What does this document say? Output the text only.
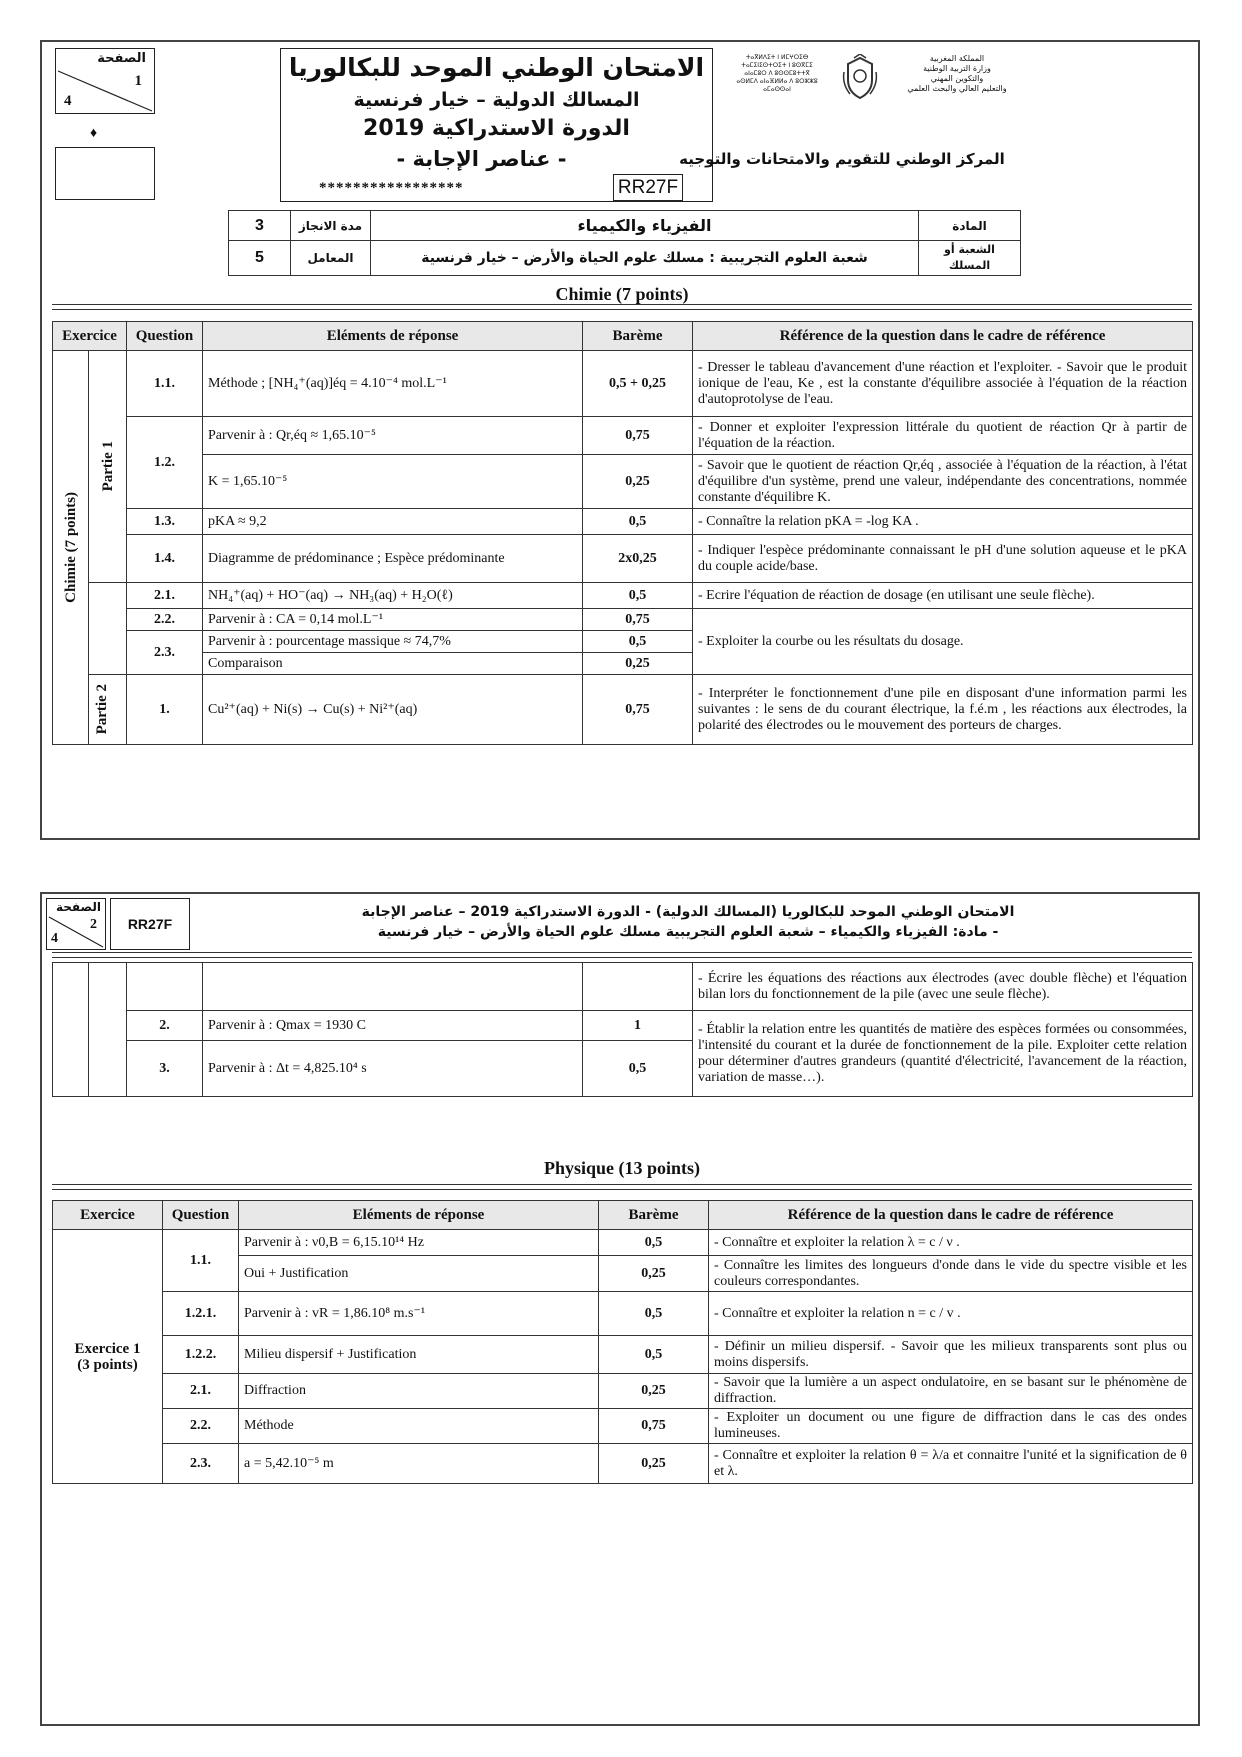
الصفحة
1
4
♦
الامتحان الوطني الموحد للبكالوريا
المسالك الدولية – خيار فرنسية
الدورة الاستدراكية 2019
- عناصر الإجابة -
*****************	RR27F
ⵜⴰⴳⵍⴷⵉⵜ ⵏ ⵍⵎⵖⵔⵉⴱ
ⵜⴰⵎⵉⵏⵉⵙⵜⵔⵉⵜ ⵏ ⵓⵙⴳⵎⵉ
ⴰⵏⴰⵎⵓⵔ ⴷ ⵓⵙⵙⵎⵓⵜⵜⴳ
ⴰⵙⵍⵎⴷ ⴰⵏⴰⴼⵍⵍⴰ ⴷ ⵓⵔⵣⵣⵓ ⴰⵎⴰⵙⵙⴰⵏ
المملكة المغربية
وزارة التربية الوطنية
والتكوين المهني
والتعليم العالي والبحث العلمي
المركز الوطني للتقويم والامتحانات والتوجيه
3	مدة الانجاز	الفيزياء والكيمياء	المادة
5	المعامل	شعبة العلوم التجريبية : مسلك علوم الحياة والأرض – خيار فرنسية	الشعبة أو المسلك
Chimie (7 points)
Exercice		Question	Eléments de réponse	Barème	Référence de la question dans le cadre de référence

Chimie (7 points)	Partie 1	1.1.	Méthode ; [NH₄⁺(aq)]éq = 4.10⁻⁴ mol.L⁻¹	0,5 + 0,25	- Dresser le tableau d'avancement d'une réaction et l'exploiter. - Savoir que le produit ionique de l'eau, Ke , est la constante d'équilibre associée à l'équation de la réaction d'autoprotolyse de l'eau.
		1.2.	Parvenir à : Qr,éq ≈ 1,65.10⁻⁵	0,75	- Donner et exploiter l'expression littérale du quotient de réaction Qr à partir de l'équation de la réaction.
			K = 1,65.10⁻⁵	0,25	- Savoir que le quotient de réaction Qr,éq , associée à l'équation de la réaction, à l'état d'équilibre d'un système, prend une valeur, indépendante des concentrations, nommée constante d'équilibre K.
		1.3.	pKA ≈ 9,2	0,5	- Connaître la relation pKA = -log KA .
		1.4.	Diagramme de prédominance ; Espèce prédominante	2x0,25	- Indiquer l'espèce prédominante connaissant le pH d'une solution aqueuse et le pKA du couple acide/base.
		2.1.	NH₄⁺(aq) + HO⁻(aq) → NH₃(aq) + H₂O(ℓ)	0,5	- Ecrire l'équation de réaction de dosage (en utilisant une seule flèche).
		2.2.	Parvenir à : CA = 0,14 mol.L⁻¹	0,75	- Exploiter la courbe ou les résultats du dosage.
		2.3.	Parvenir à : pourcentage massique ≈ 74,7%	0,5	
			Comparaison	0,25	

	Partie 2	1.	Cu²⁺(aq) + Ni(s) → Cu(s) + Ni²⁺(aq)	0,75	- Interpréter le fonctionnement d'une pile en disposant d'une information parmi les suivantes : le sens de du courant électrique, la f.é.m , les réactions aux électrodes, la polarité des électrodes ou le mouvement des porteurs de charges.
الصفحة
2
4
RR27F
الامتحان الوطني الموحد للبكالوريا (المسالك الدولية) - الدورة الاستدراكية 2019 – عناصر الإجابة
- مادة: الفيزياء والكيمياء – شعبة العلوم التجريبية مسلك علوم الحياة والأرض – خيار فرنسية
					- Écrire les équations des réactions aux électrodes (avec double flèche) et l'équation bilan lors du fonctionnement de la pile (avec une seule flèche).
		2.	Parvenir à : Qmax = 1930 C	1	- Établir la relation entre les quantités de matière des espèces formées ou consommées, l'intensité du courant et la durée de fonctionnement de la pile. Exploiter cette relation pour déterminer d'autres grandeurs (quantité d'électricité, l'avancement de la réaction, variation de masse…).
		3.	Parvenir à : Δt = 4,825.10⁴ s	0,5	
Physique (13 points)
Exercice	Question	Eléments de réponse	Barème	Référence de la question dans le cadre de référence

Exercice 1
(3 points)	1.1.	Parvenir à : ν0,B = 6,15.10¹⁴ Hz	0,5	- Connaître et exploiter la relation λ = c / ν .
		Oui + Justification	0,25	- Connaître les limites des longueurs d'onde dans le vide du spectre visible et les couleurs correspondantes.
	1.2.1.	Parvenir à : vR = 1,86.10⁸ m.s⁻¹	0,5	- Connaître et exploiter la relation n = c / v .
	1.2.2.	Milieu dispersif + Justification	0,5	- Définir un milieu dispersif. - Savoir que les milieux transparents sont plus ou moins dispersifs.
	2.1.	Diffraction	0,25	- Savoir que la lumière a un aspect ondulatoire, en se basant sur le phénomène de diffraction.
	2.2.	Méthode	0,75	- Exploiter un document ou une figure de diffraction dans le cas des ondes lumineuses.
	2.3.	a = 5,42.10⁻⁵ m	0,25	- Connaître et exploiter la relation θ = λ/a et connaitre l'unité et la signification de θ et λ.
